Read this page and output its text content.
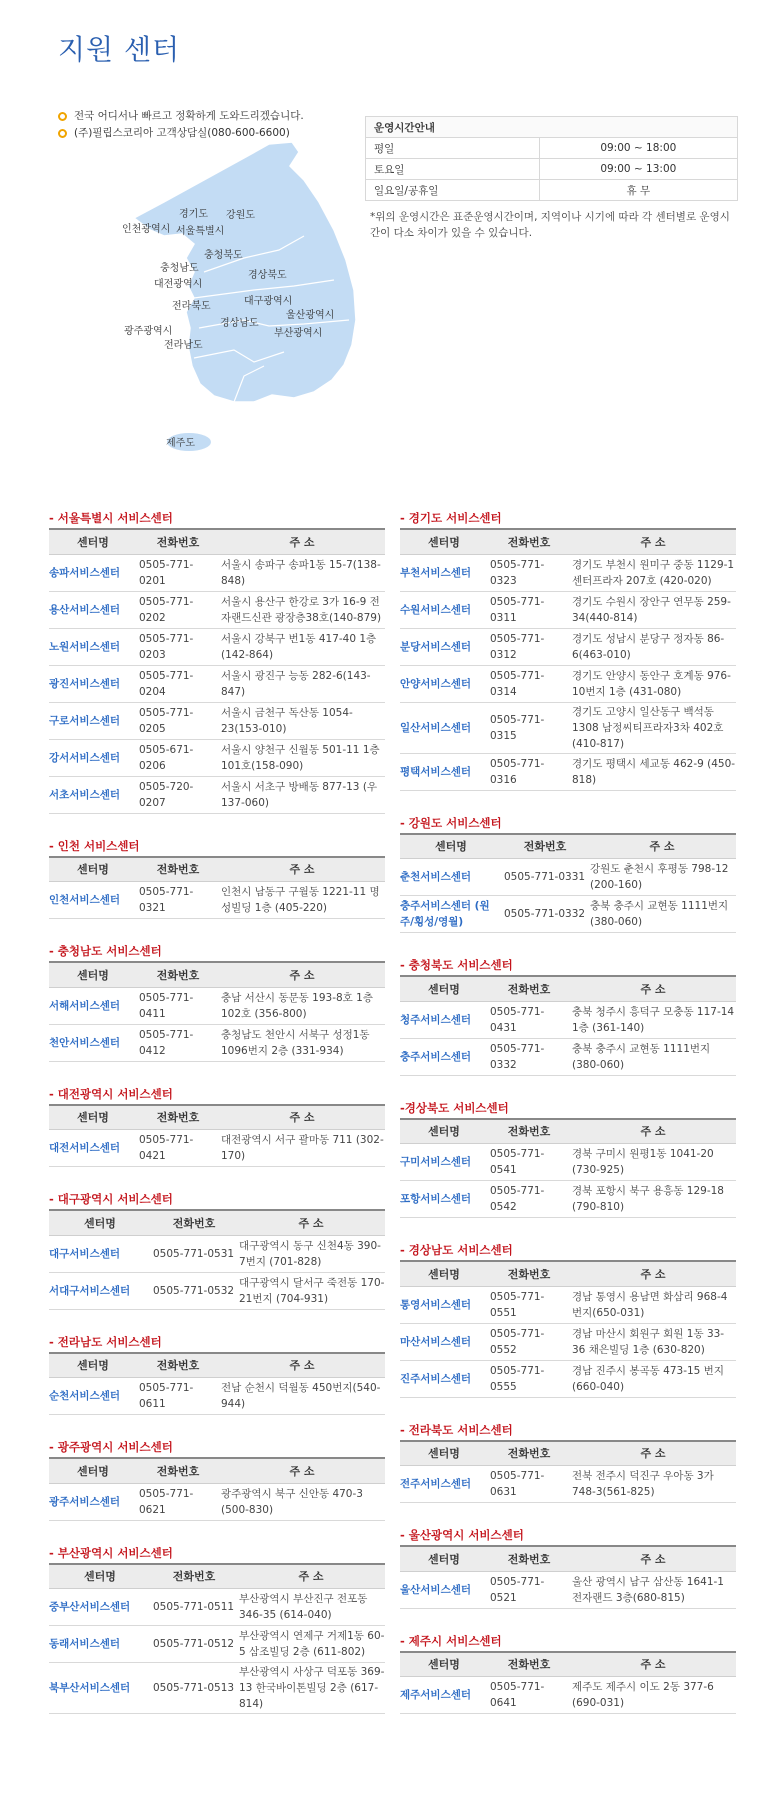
지원 센터
전국 어디서나 빠르고 정확하게 도와드리겠습니다.
(주)필립스코리아 고객상담실(080-600-6600)
경기도 강원도
인천광역시 서울특별시
충청북도
충청남도
대전광역시
경상북도
전라북도	대구광역시
경상남도
울산광역시
광주광역시	부산광역시
전라남도
제주도
운영시간안내	
평일	09:00 ~ 18:00
토요일	09:00 ~ 13:00
일요일/공휴일	휴 무

*위의 운영시간은 표준운영시간이며, 지역이나 시기에 따라 각 센터별로 운영시간이 다소 차이가 있을 수 있습니다.

- 서울특별시 서비스센터
센터명	전화번호	주 소
송파서비스센터	0505-771-0201	서울시 송파구 송파1동 15-7(138-848)
용산서비스센터	0505-771-0202	서울시 용산구 한강로 3가 16-9 전자랜드신관 광장층38호(140-879)
노원서비스센터	0505-771-0203	서울시 강북구 번1동 417-40 1층(142-864)
광진서비스센터	0505-771-0204	서울시 광진구 능동 282-6(143-847)
구로서비스센터	0505-771-0205	서울시 금천구 독산동 1054-23(153-010)
강서서비스센터	0505-671-0206	서울시 양천구 신월동 501-11 1층 101호(158-090)
서초서비스센터	0505-720-0207	서울시 서초구 방배동 877-13 (우 137-060)
- 인천 서비스센터
센터명	전화번호	주 소
인천서비스센터	0505-771-0321	인천시 남동구 구월동 1221-11 명성빌딩 1층 (405-220)
- 충청남도 서비스센터
센터명	전화번호	주 소
서해서비스센터	0505-771-0411	충남 서산시 동문동 193-8호 1층 102호 (356-800)
천안서비스센터	0505-771-0412	충청남도 천안시 서북구 성정1동 1096번지 2층 (331-934)
- 대전광역시 서비스센터
센터명	전화번호	주 소
대전서비스센터	0505-771-0421	대전광역시 서구 괄마동 711 (302-170)
- 대구광역시 서비스센터
센터명	전화번호	주 소
대구서비스센터	0505-771-0531	대구광역시 동구 신천4동 390-7번지 (701-828)
서대구서비스센터	0505-771-0532	대구광역시 달서구 죽전동 170-21번지 (704-931)
- 전라남도 서비스센터
센터명	전화번호	주 소
순천서비스센터	0505-771-0611	전남 순천시 덕월동 450번지(540-944)
- 광주광역시 서비스센터
센터명	전화번호	주 소
광주서비스센터	0505-771-0621	광주광역시 북구 신안동 470-3 (500-830)
- 부산광역시 서비스센터
센터명	전화번호	주 소
중부산서비스센터	0505-771-0511	부산광역시 부산진구 전포동 346-35 (614-040)
동래서비스센터	0505-771-0512	부산광역시 연제구 거제1동 60-5 삼조빌딩 2층 (611-802)
북부산서비스센터	0505-771-0513	부산광역시 사상구 덕포동 369-13 한국바이톤빌딩 2층 (617-814)
- 경기도 서비스센터
센터명	전화번호	주 소
부천서비스센터	0505-771-0323	경기도 부천시 원미구 중동 1129-1 센터프라자 207호 (420-020)
수원서비스센터	0505-771-0311	경기도 수원시 장안구 연무동 259-34(440-814)
분당서비스센터	0505-771-0312	경기도 성남시 분당구 정자동 86-6(463-010)
안양서비스센터	0505-771-0314	경기도 안양시 동안구 호계동 976-10번지 1층 (431-080)
일산서비스센터	0505-771-0315	경기도 고양시 일산동구 백석동 1308 남정씨티프라자3차 402호 (410-817)
평택서비스센터	0505-771-0316	경기도 평택시 세교동 462-9 (450-818)
- 강원도 서비스센터
센터명	전화번호	주 소
춘천서비스센터	0505-771-0331	강원도 춘천시 후평동 798-12 (200-160)
충주서비스센터 (원주/횡성/영월)	0505-771-0332	충북 충주시 교현동 1111번지 (380-060)
- 충청북도 서비스센터
센터명	전화번호	주 소
청주서비스센터	0505-771-0431	충북 청주시 흥덕구 모충동 117-14 1층 (361-140)
충주서비스센터	0505-771-0332	충북 충주시 교현동 1111번지 (380-060)
-경상북도 서비스센터
센터명	전화번호	주 소
구미서비스센터	0505-771-0541	경북 구미시 원평1동 1041-20 (730-925)
포항서비스센터	0505-771-0542	경북 포항시 북구 용흥동 129-18 (790-810)
- 경상남도 서비스센터
센터명	전화번호	주 소
통영서비스센터	0505-771-0551	경남 통영시 용남면 화삼리 968-4 번지(650-031)
마산서비스센터	0505-771-0552	경남 마산시 회원구 회원 1동 33-36 채은빌딩 1층 (630-820)
진주서비스센터	0505-771-0555	경남 진주시 봉곡동 473-15 번지 (660-040)
- 전라북도 서비스센터
센터명	전화번호	주 소
전주서비스센터	0505-771-0631	전북 전주시 덕진구 우아동 3가 748-3(561-825)
- 울산광역시 서비스센터
센터명	전화번호	주 소
울산서비스센터	0505-771-0521	울산 광역시 남구 삼산동 1641-1 전자랜드 3층(680-815)
- 제주시 서비스센터
센터명	전화번호	주 소
제주서비스센터	0505-771-0641	제주도 제주시 이도 2동 377-6 (690-031)
